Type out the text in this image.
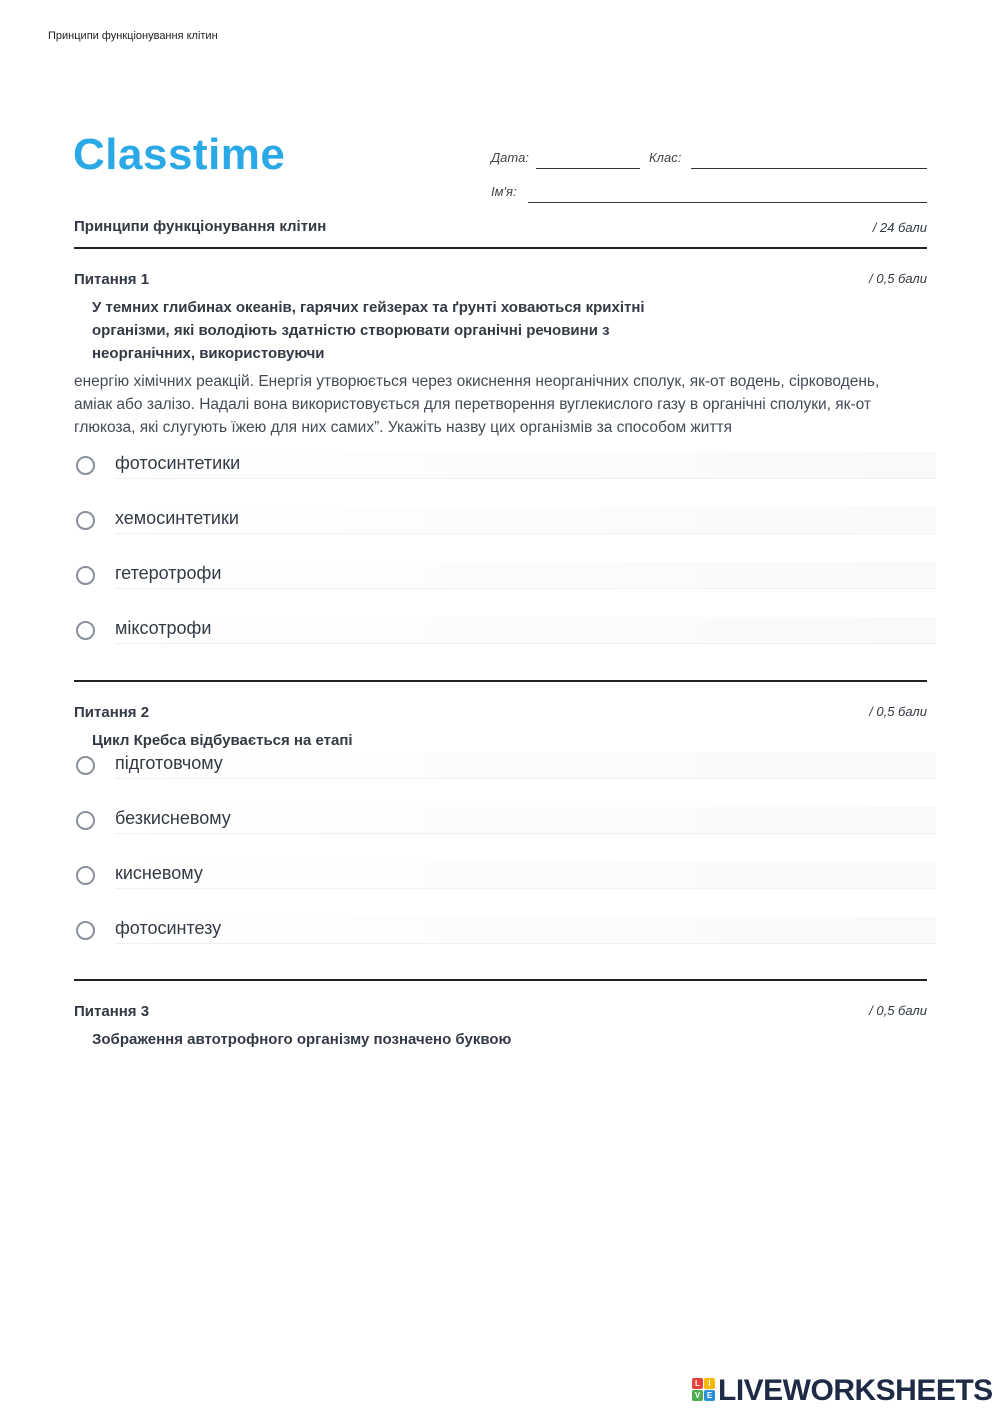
Принципи функціонування клітин
Classtime	Дата:	Клас:
Ім'я:
Принципи функціонування клітин	/ 24 бали
Питання 1	/ 0,5 бали
У темних глибинах океанів, гарячих гейзерах та ґрунті ховаються крихітні
організми, які володіють здатністю створювати органічні речовини з
неорганічних, використовуючи
енергію хімічних реакцій. Енергія утворюється через окиснення неорганічних сполук, як-от водень, сірководень,
аміак або залізо. Надалі вона використовується для перетворення вуглекислого газу в органічні сполуки, як-от
глюкоза, які слугують їжею для них самих”. Укажіть назву цих організмів за способом життя
фотосинтетики
хемосинтетики
гетеротрофи
міксотрофи
Питання 2	/ 0,5 бали
Цикл Кребса відбувається на етапі
підготовчому
безкисневому
кисневому
фотосинтезу
Питання 3	/ 0,5 бали
Зображення автотрофного організму позначено буквою
L	I
V E LIVEWORKSHEETS
